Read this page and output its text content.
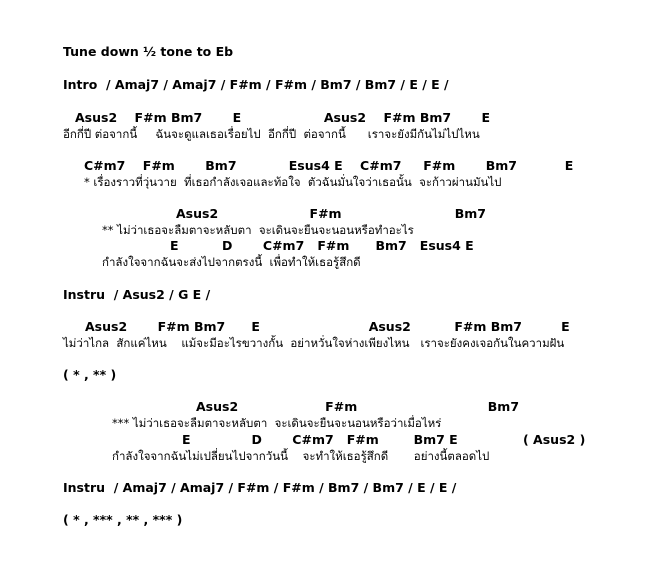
Tune down ½ tone to Eb
Intro  / Amaj7 / Amaj7 / F#m / F#m / Bm7 / Bm7 / E / E /
Asus2    F#m Bm7       E                   Asus2    F#m Bm7       E
อีกกี่ปี ต่อจากนี้     ฉันจะดูแลเธอเรื่อยไป  อีกกี่ปี  ต่อจากนี้      เราจะยังมีกันไม่ไปไหน
C#m7    F#m       Bm7            Esus4 E    C#m7     F#m       Bm7           E
* เรื่องราวที่วุ่นวาย  ที่เธอกำลังเจอและท้อใจ  ตัวฉันมั่นใจว่าเธอนั้น  จะก้าวผ่านมันไป
Asus2                     F#m                          Bm7
** ไม่ว่าเธอจะลืมตาจะหลับตา  จะเดินจะยืนจะนอนหรือทำอะไร
E          D       C#m7   F#m      Bm7   Esus4 E
กำลังใจจากฉันจะส่งไปจากตรงนี้  เพื่อทำให้เธอรู้สึกดี
Instru  / Asus2 / G E /
Asus2       F#m Bm7      E                         Asus2          F#m Bm7         E
ไม่ว่าไกล  สักแค่ไหน    แม้จะมีอะไรขวางกั้น  อย่าหวั่นใจห่างเพียงไหน   เราจะยังคงเจอกันในความฝัน
( * , ** )
Asus2                    F#m                              Bm7
*** ไม่ว่าเธอจะลืมตาจะหลับตา  จะเดินจะยืนจะนอนหรือว่าเมื่อไหร่
E              D       C#m7   F#m        Bm7 E               ( Asus2 )
กำลังใจจากฉันไม่เปลี่ยนไปจากวันนี้    จะทำให้เธอรู้สึกดี       อย่างนี้ตลอดไป
Instru  / Amaj7 / Amaj7 / F#m / F#m / Bm7 / Bm7 / E / E /
( * , *** , ** , *** )
